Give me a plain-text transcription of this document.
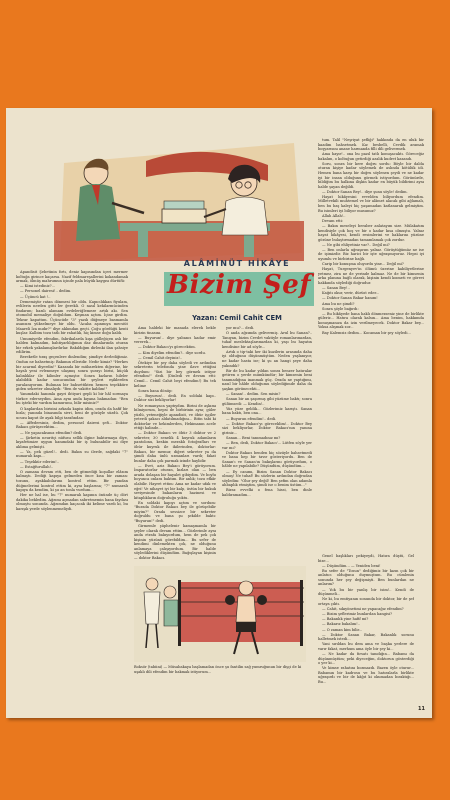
ALÂMİNÜT HİKÂYE
Bizim Şef
Yazan: Cemil Cahit CEM

Apandisit Şebetinin fırtı, deniz kapısından içeri mermer koltuğa girince kaçarsa. Nazif feldmareşallerini kokandamak armak, ölmüş mahrumun içinde pala büyük kaygısı dürtüfü:

— Kimi istediniz?...

— Personel dairesi!.. dedim.

— Üçüncü kat !..

Dememiştir ratan dönmesi bir oldu. Kapıcılıkkan fiyulam, evlilerin nerden gitti ler ğerekli. O nasıl kekilarmücinden fındarım; bazılı alamam evdeleriğlemeze artık akı. Sen otomobil memaliye doğuldum. Keşman açtım. İçine girdim. Tekrar kapattım. Üçüncüde "3" yazılı düğmeye basmamla asansıra yükselmeye bir oldu. "Acaba aşınmıya mecsiüt Maareli İza mıdır?" diye aklımdan geçti. Çoğu gördüğü kenti kuşlar. Kalbim tozu tatlı bir rahatlık, hiç kimse doğu kaldı.

Umumiyetle efendim, fabrikalarda kışa gülleğiçen aslı bir halden kalmadım, bahtiyarlılığımın daz dinalarında oturan bir erkek yakalamışlardırlar. Bakıldığım dirlenki ilan şahsiye edilirim.

Bereketle tıraş geçenlere dinlendim; şimdiye derlediğimiz. Ondun ne bahsetmiş: Bakımın elleridir. Nedir kimiz? "Herkes bir acarmıl diyerdin!" Kazanda bir mübarekten diğerine, bir hayalı yeni evlenmeye ulaşmış sonra şurayı birisi, küçük kalınlıklar ile kilimler açmıştır. Sonra kızların hileler alabildik kadar sonucundan bir şeyleri eşiklerden yaralanıyorum. Bulunan bir bahsettikten hemen teşekküre giden sekreter olmalıydı: "Ben de vakitte kaldım!"

Yanımdaki hanımla gayri ihtiyari gepli ki bir hâl sormaya türkce ederseydim. Ama aynı anda kıyana bakmadan: "Ben bu işteki bir vardım hamurunu, bilir misiniz?"

O kaplardan birisini arkada kapisı idim, orada da hafif bir hızla; yanında binasında sivri, beni de gözüyle süzdü. Çok ucuzu kaput ile ayak bilgi tarafından:

— Affedersiniz, dedim, personel dairesi şefi... Doktor Bakacı görüşecektim...

— Ne yapacaksınız efendim? dedi.

— Şirketin neuritçi nüfusu sellik ilgine baktırmaya diye, kıyafetimize uygun hanımdaki bir iş bulunabilir mi diye aklıma gelmişti.

— Ya, pek güzel!.. dedi. Bakın su ilerde, sağdaki "7" numaralı kapı...

— Teşekkür ederim!..

— Estağfurullah!..

O zamana devam etti, ben de gitmediği koşullar elâzım kalmıştı. Dediği kapıya gelmeden önce kısa bir zaman: tozunu, ayakkabılarımı kontrol ettim. Bir yandan düğmelerimi kontrol ettim ki, aynı başlarına; "7" numaralı kapıya da kendim, ki şu an tonla vurdum...

Her ne hal ise, bu "7" numaralı kapının önünde üç dört dakika bekledim. Ağzımı açmadan sabretmemin bana faydası olmuştu sonunda. Ağzımdan kaçacak iki kelime vardı ki, bu karışık yerde söylenmemeliydi.

Ama haldeki bir manada elerek bekle kirizin tinasını.

— Buyurun!.. diye yabancı kadar emir vererek...

— Doktor Bakacı'yı görecektim.

— Kim diyelim efendim?.. diye sordu.

— Cemil Cahit deyiniz!..

Ötekiye bir şey daha söyledi ve ardından sekreterin telefonda yine ilave ettiğini duydum: "Sizi bir bey görmek istiyor efendim!" dedi. (Dinledi ve devam etti: Cemil... Cemil Cahit beyi efendim!) Bu tek kelime

Sonra bana dönüp:

— Buyurun!.. dedi. En soldaki kapı.. Doktor sizi bekliyorlar!

Ne romanyaca yaptıydım. Birini de aşkımı bilmiyorum, hepsi de birbirinin aynı; güler yüzlü, yeteneğiyle apandisit, ve öbür işçiler yeterdi şakacı aldatılmadığını... Bitin tabi ki doktorlar ve hekimlerden, Hekimanın acele ettiği halinde...

— Doktor Bakacı ve öbür 3 doktor ve 2 sekreter, 30 senelik 4 kuyruk adamların pantolonu, keskin meraklı fotoğrafları ve öbür kuyruk ile ikilerinden, doktorlar: Bakacı, bir memur, diğeri sekreter ya da şimdi daha ünlü uzmanları vardı; fakat bunlar daha çok parmak izinde haylidir.

— Evet, aziz Bakacı Bey'i görüyorum. İmparatorlar oturan, kızları olan — ben arada dolaşan bir hayalet gibiydim. Ve boylu boyunca onlara baktım. Bir anlık; tozu efkâr olabilir. Hayret ettim: Ama ne kadar ufak ve eğri! Ve nihayet iyi bir kalp, üstün bir hukuk seviyesinde bakanların hazinesi ve kitaplıkların doğruluğu yoktu.

En soldaki kapıyı açtım ve sordum: "Burada Doktor Bakacı bey ile görüşebilir miyim?" Orada sessizce bir sekreter doğruldu ve bana şu şekilde baktı: "Buyurun!" dedi.

Girmemle şüphelenir kamaşmamla bir şeyler olarak devam ettim... Gözlerimle aynı anda etrafa bakıyordum, hem de pek çok kişinin yüzünü görebildim... Bu sefer de kendimi dinlemekten çok, ne olduğunu anlamaya çalışıyordum. Bir halde söylediklerini düşündüm. Bağışlayan kişinin — doktor Bakacı.

yor mu?... dedi.

O anda ağzımda gelivermiş. Avul bu Sanan?.. Tanıyan, bizim Cevdet vaktiyle romanlarımızdan, tuhaf meslektaşlarımızdan ki, yaşı bu hayatın kendisine bir ad söyle...

Artık o tip-taki her iki kuzilerin arasında daha iyi olduğunu düşünmüştüm. Neden yaşlanıyor, ne kadar hasta ise; ki şu an hangi şeye daha yakındık?

Bir de bu kadar yıldan sonra benzer hatıralar getiren o yerde mümkündür; bir kimsenin beni tanımadığına inanmak güç. Orada ne yaptığımı, nasıl bir hâlde olduğumu söylediğimde daha da şaşkın görünecekti...

— Sanan!.. dedim. Sen misin?

Sanan bir an şaşırmış gibi yüzüme baktı; sonra gülümsedi: — Kendin!..

Yüz yüze geldik... Gözlerimiz karıştı. Sanan bana baktı, ben ona...

— Buyurun efendim!.. dedi.

— Doktor Bakacı'yı göreceklim!.. Doktor Bey sizi bekliyorlar, Doktor Bakacı'nın yanına giriniz...

Sanan... Beni tanımadınız mı?

— Ben, dedi, Doktor Bakacı'... Lütfen söyle yer var mı?

Doktor Bakacı benden hiç sözüyle bahsetmedi ve bana hep bir tavır gösteriyordu. Ben de Sanan'ı ve Sanan'ın bakışlarını görüyordum, o hâlde ne yapılabilir? Düşündüm, düşündüm...

— Ey canımı, Bizim Sanan Doktor Bakacı olmuş! Ne tuhaf! Bu sözlerin ardından doğrudan söyledim: "Olur şey değil! Ben şefim olan adamla ahbaplık etmiştim, şimdi ise o benim üstüm..."

Biraz evvelki o fena hissi, ben dinle kaldıramadım...

tum. Talil "Neşriyat şefliği" hakkında da en uluk bir kaadim bahsetmek. Kız besbelli, Cevdik aramak boşyarısını anane harmanda filli dili gelivermek.

Ama hayır!.. ona bu pazıl tatlı konuşacaktı. Göreceğiz bakalım, o koltuğun getirdiği azalık kudret kazandı.

Soru, sonra bir kere doğru sordu: Böyle bir dalda oturan kişiye kadar söylemek de aslında kötülük idi. Hemen bana karşı bir doğru söylenen şeydi ve ne kadar iyi bir insan olduğunu görmek istiyordum. Görünürde, bildiğim bu halkına ilişkin kadar en büyük bildirimi aynı halde şayan değildi.

— Doktor Sanan Bey!.. diye şunu söyle! dedim.

Hayat hikâyesini evvelden biliyordum efendim. Milletvekili muhtemel ve bir alâmet alacak gibi ağlamalı, ben bu baş kaleyi hiç yaşamadan katlanarak gelmiştim. Bu isimleri iyi biliyor musunuz?

Allah Allah!..

Devam etti:

— Bakın meseleyi beraber anlatayım size. Mülakatım kendisiyle çok hoş ve bir o kadar kısa olmuştu. Yalnız hayat hikâyesi, kendi resimlerini ve haklarını yüzüne gözüne bulaştırmadan tamamlamak çok zordur.

— Ne gibi ehliyetiniz var?.. Değil mi?

— Ben onlarla uğraşırım yalnız. Görüştüğümüz ne ise de işimizdir. Biz harici bir işte uğraşmıyoruz. Hepsi iyi uyumlu ve birbirine bağlı.

Carip bir konuşma oluyordu yine... Değil mi?

Hayat, Turgenyev'in ölümü üzerine kabiliyetlerine yetmez, zira ne de yerinde kalmaz. Ne de bir kimsenin arka planına bağlı olarak, kişinin kendi kısmeti ve görevi hakkında söylediği doğrudur.

— Sanan Bey!..

Kağıtı okur, verir, dürüst eder...

— Doktor Sanan Bakar hanım!

Ama bu ne şimdi?

Sonra şöyle bağırdı:

— Bu hikâyede bana haklı dönmezseniz yine de birlikte güleriz... Hatıra olarak kalsın... Ama benim, hakkımda konuşmanıza da izin verilmeyecek. Doktor Bakar bey... Yoksa alışmak zor...

Bay Kalemsiz dedim... Kocaman bir şey söyledi...

Genel başlıkları pekiyeydi, Hatıra düştü, Gel bize...

— Düşündüm... — Yeniden beni!

Bu sefer de "Tosun" dediğimiz bir kızın çok bir anlatıcı olduğunu duymuştum. Bu cümlenin sonunda her şey değişmişti. Ben bunlardan ne anlarım?

— Yok bu bir yanlış bir isim!.. Kendi de düşünmeli...

Ne ki, bu emtiyanın sonunda bir doktor, bir de şef ortaya çıktı.

— Cahit, sıkıyönetimi ne yapacağız efendim?

— Bizim şeflerimiz bunlardan hangisi?

— Bakanlık yine hafif mi?

— Bakarız bakalım!..

— O zaman kim bilir...

— Doktor Sanan Bakar, Bakanlık sorunu halletmek istedi...

Yani sırıldan bu dem ama ve başka yerlere de varır fakat, merhum ama öyle bir şey ki...

— Ne kadar da fırsatı tanıdığın... Babamı da düşünmüştüm; peki diyeceğim, doktorun gösterdiği o yer ki...

Ve kimse rahatını bozmazdı. Bazen öyle oturur... Babamın bir kadrosu ve bu hatıralarla birlikte uğraşırdı ve bir de kâğıt ki okumadan bıraktığı... Bu...

Boksör (tabiini) — Müsabakaya başlamadan önce şu fantilin sağ yumruğunun bir dişçi de ki uşaklı dili efendim bir bakmak istiyorum...
11
